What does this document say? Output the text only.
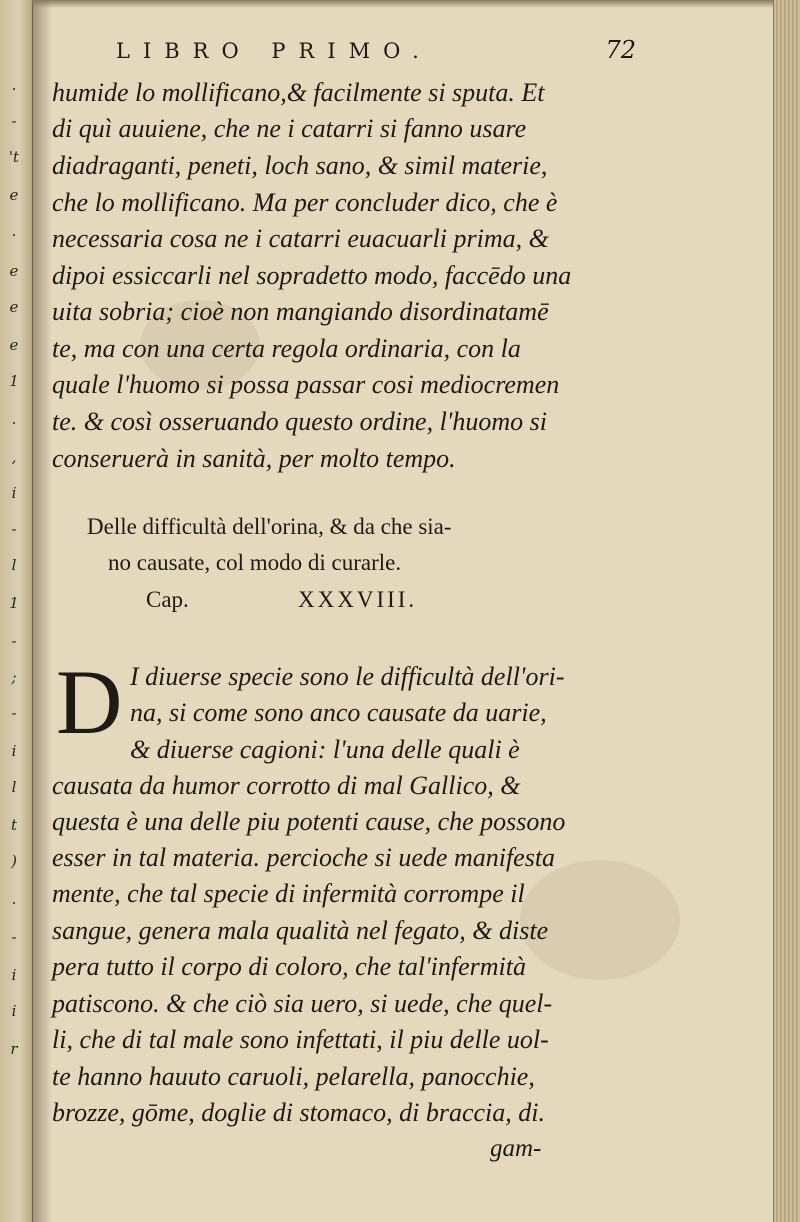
·
-
't
e
·
e
e
e
1
.
,
i
-
l
1
-
;
-
i
l
t
)
.
-
i
i
r
LIBRO PRIMO.	72
humide lo mollificano,& facilmente si sputa. Et
di quì auuiene, che ne i catarri si fanno usare
diadraganti, peneti, loch sano, & simil materie,
che lo mollificano. Ma per concluder dico, che è
necessaria cosa ne i catarri euacuarli prima, &
dipoi essiccarli nel sopradetto modo, faccēdo una
uita sobria; cioè non mangiando disordinatamē
te, ma con una certa regola ordinaria, con la
quale l'huomo si possa passar cosi mediocremen
te. & così osseruando questo ordine, l'huomo si
conseruerà in sanità, per molto tempo.
Delle difficultà dell'orina, & da che sia-
no causate, col modo di curarle.
Cap.	XXXVIII.
D I diuerse specie sono le difficultà dell'ori-
na, si come sono anco causate da uarie,
& diuerse cagioni: l'una delle quali è
causata da humor corrotto di mal Gallico, &
questa è una delle piu potenti cause, che possono
esser in tal materia. perciochе si uede manifesta
mente, che tal specie di infermità corrompe il
sangue, genera mala qualità nel fegato, & diste
pera tutto il corpo di coloro, che tal'infermità
patiscono. & che ciò sia uero, si uede, che quel-
li, che di tal male sono infettati, il piu delle uol-
te hanno hauuto caruoli, pelarella, panocchie,
brozze, gōme, doglie di stomaco, di braccia, di.
gam-
